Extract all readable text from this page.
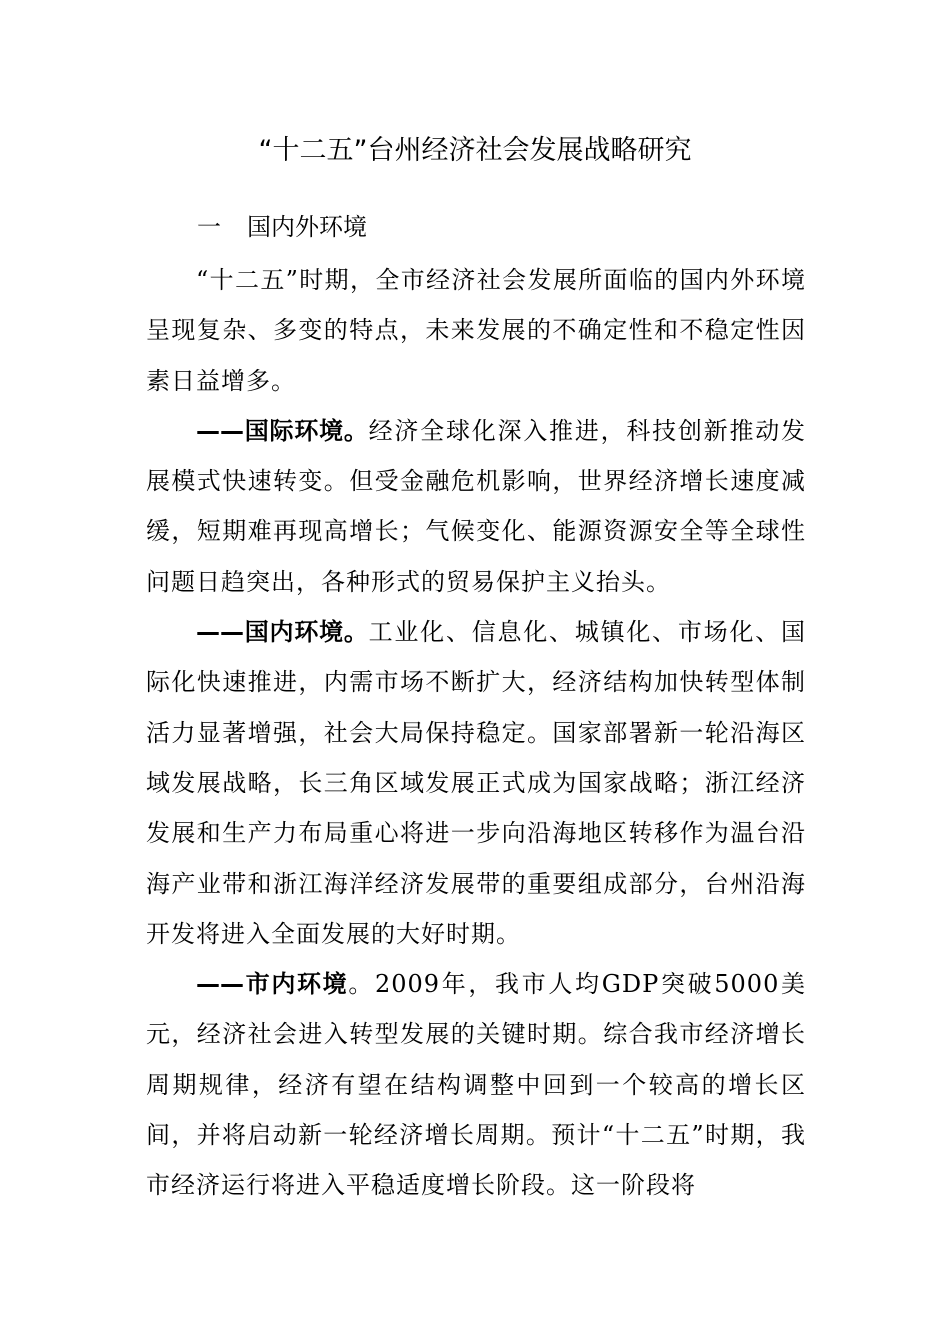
“十二五”台州经济社会发展战略研究
一 国内外环境

“十二五”时期，全市经济社会发展所面临的国内外环境呈现复杂、多变的特点，未来发展的不确定性和不稳定性因素日益增多。

——国际环境。经济全球化深入推进，科技创新推动发展模式快速转变。但受金融危机影响，世界经济增长速度减缓，短期难再现高增长；气候变化、能源资源安全等全球性问题日趋突出，各种形式的贸易保护主义抬头。

——国内环境。工业化、信息化、城镇化、市场化、国际化快速推进，内需市场不断扩大，经济结构加快转型体制活力显著增强，社会大局保持稳定。国家部署新一轮沿海区域发展战略，长三角区域发展正式成为国家战略；浙江经济发展和生产力布局重心将进一步向沿海地区转移作为温台沿海产业带和浙江海洋经济发展带的重要组成部分，台州沿海开发将进入全面发展的大好时期。

——市内环境。2009年，我市人均GDP突破5000美元，经济社会进入转型发展的关键时期。综合我市经济增长周期规律，经济有望在结构调整中回到一个较高的增长区间，并将启动新一轮经济增长周期。预计“十二五”时期，我市经济运行将进入平稳适度增长阶段。这一阶段将
